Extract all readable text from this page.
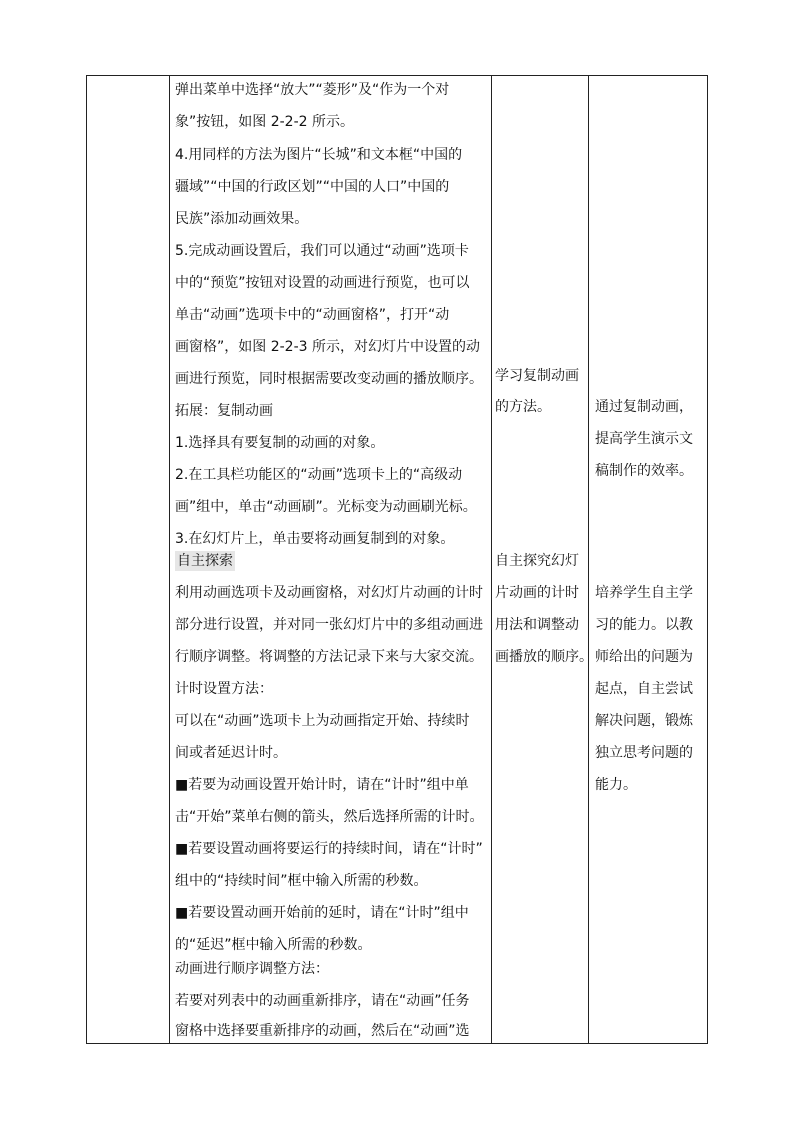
弹出菜单中选择“放大”“菱形”及“作为一个对
象”按钮，如图 2-2-2 所示。
4.用同样的方法为图片“长城”和文本框“中国的
疆域”“中国的行政区划”“中国的人口”中国的
民族”添加动画效果。
5.完成动画设置后，我们可以通过“动画”选项卡
中的“预览”按钮对设置的动画进行预览，也可以
单击“动画”选项卡中的“动画窗格”，打开“动
画窗格”，如图 2-2-3 所示，对幻灯片中设置的动
画进行预览，同时根据需要改变动画的播放顺序。
拓展：复制动画
1.选择具有要复制的动画的对象。
2.在工具栏功能区的“动画”选项卡上的“高级动
画”组中，单击“动画刷”。光标变为动画刷光标。
3.在幻灯片上，单击要将动画复制到的对象。
自主探索
利用动画选项卡及动画窗格，对幻灯片动画的计时
部分进行设置，并对同一张幻灯片中的多组动画进
行顺序调整。将调整的方法记录下来与大家交流。
计时设置方法：
可以在“动画”选项卡上为动画指定开始、持续时
间或者延迟计时。
■若要为动画设置开始计时，请在“计时”组中单
击“开始”菜单右侧的箭头，然后选择所需的计时。
■若要设置动画将要运行的持续时间，请在“计时”
组中的“持续时间”框中输入所需的秒数。
■若要设置动画开始前的延时，请在“计时”组中
的“延迟”框中输入所需的秒数。
动画进行顺序调整方法：
若要对列表中的动画重新排序，请在“动画”任务
窗格中选择要重新排序的动画，然后在“动画”选
学习复制动画
的方法。
自主探究幻灯
片动画的计时
用法和调整动
画播放的顺序。
通过复制动画，
提高学生演示文
稿制作的效率。
培养学生自主学
习的能力。以教
师给出的问题为
起点，自主尝试
解决问题，锻炼
独立思考问题的
能力。
